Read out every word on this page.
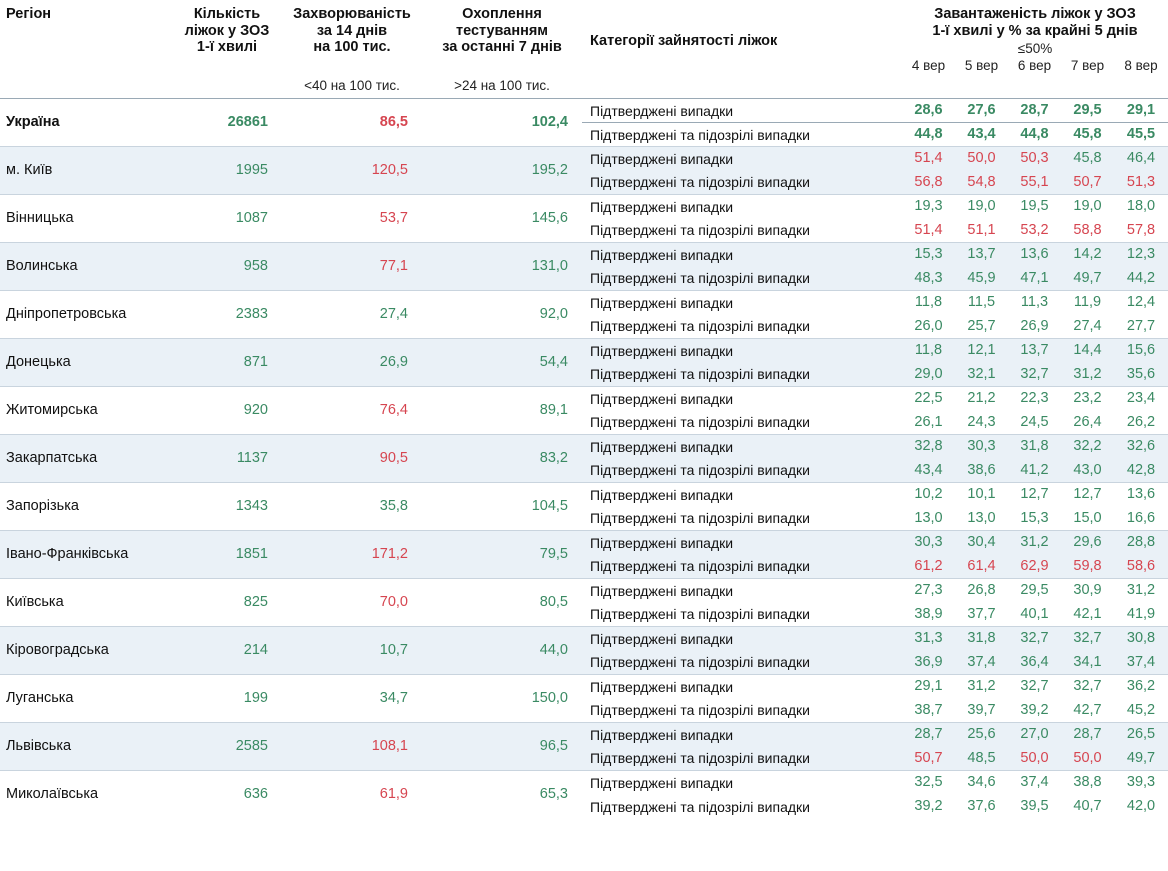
Регіон	Кількість
ліжок у ЗОЗ
1-ї хвилі

Захворюваність
за 14 днів
на 100 тис.

Охоплення
тестуванням
за останні 7 днів	Категорії зайнятості ліжок	
Завантаженість ліжок у ЗОЗ
1-ї хвилі у % за крайні 5 днів
≤50%

					4 вер	5 вер	6 вер	7 вер	8 вер
		<40 на 100 тис.	>24 на 100 тис.						
Україна	26861	86,5	102,4	Підтверджені випадки	28,6	27,6	28,7	29,5	29,1
				Підтверджені та підозрілі випадки	44,8	43,4	44,8	45,8	45,5
м. Київ	1995	120,5	195,2	Підтверджені випадки	51,4	50,0	50,3	45,8	46,4
				Підтверджені та підозрілі випадки	56,8	54,8	55,1	50,7	51,3
Вінницька	1087	53,7	145,6	Підтверджені випадки	19,3	19,0	19,5	19,0	18,0
				Підтверджені та підозрілі випадки	51,4	51,1	53,2	58,8	57,8
Волинська	958	77,1	131,0	Підтверджені випадки	15,3	13,7	13,6	14,2	12,3
				Підтверджені та підозрілі випадки	48,3	45,9	47,1	49,7	44,2
Дніпропетровська	2383	27,4	92,0	Підтверджені випадки	11,8	11,5	11,3	11,9	12,4
				Підтверджені та підозрілі випадки	26,0	25,7	26,9	27,4	27,7
Донецька	871	26,9	54,4	Підтверджені випадки	11,8	12,1	13,7	14,4	15,6
				Підтверджені та підозрілі випадки	29,0	32,1	32,7	31,2	35,6
Житомирська	920	76,4	89,1	Підтверджені випадки	22,5	21,2	22,3	23,2	23,4
				Підтверджені та підозрілі випадки	26,1	24,3	24,5	26,4	26,2
Закарпатська	1137	90,5	83,2	Підтверджені випадки	32,8	30,3	31,8	32,2	32,6
				Підтверджені та підозрілі випадки	43,4	38,6	41,2	43,0	42,8
Запорізька	1343	35,8	104,5	Підтверджені випадки	10,2	10,1	12,7	12,7	13,6
				Підтверджені та підозрілі випадки	13,0	13,0	15,3	15,0	16,6
Івано-Франківська	1851	171,2	79,5	Підтверджені випадки	30,3	30,4	31,2	29,6	28,8
				Підтверджені та підозрілі випадки	61,2	61,4	62,9	59,8	58,6
Київська	825	70,0	80,5	Підтверджені випадки	27,3	26,8	29,5	30,9	31,2
				Підтверджені та підозрілі випадки	38,9	37,7	40,1	42,1	41,9
Кіровоградська	214	10,7	44,0	Підтверджені випадки	31,3	31,8	32,7	32,7	30,8
				Підтверджені та підозрілі випадки	36,9	37,4	36,4	34,1	37,4
Луганська	199	34,7	150,0	Підтверджені випадки	29,1	31,2	32,7	32,7	36,2
				Підтверджені та підозрілі випадки	38,7	39,7	39,2	42,7	45,2
Львівська	2585	108,1	96,5	Підтверджені випадки	28,7	25,6	27,0	28,7	26,5
				Підтверджені та підозрілі випадки	50,7	48,5	50,0	50,0	49,7
Миколаївська	636	61,9	65,3	Підтверджені випадки	32,5	34,6	37,4	38,8	39,3
				Підтверджені та підозрілі випадки	39,2	37,6	39,5	40,7	42,0
